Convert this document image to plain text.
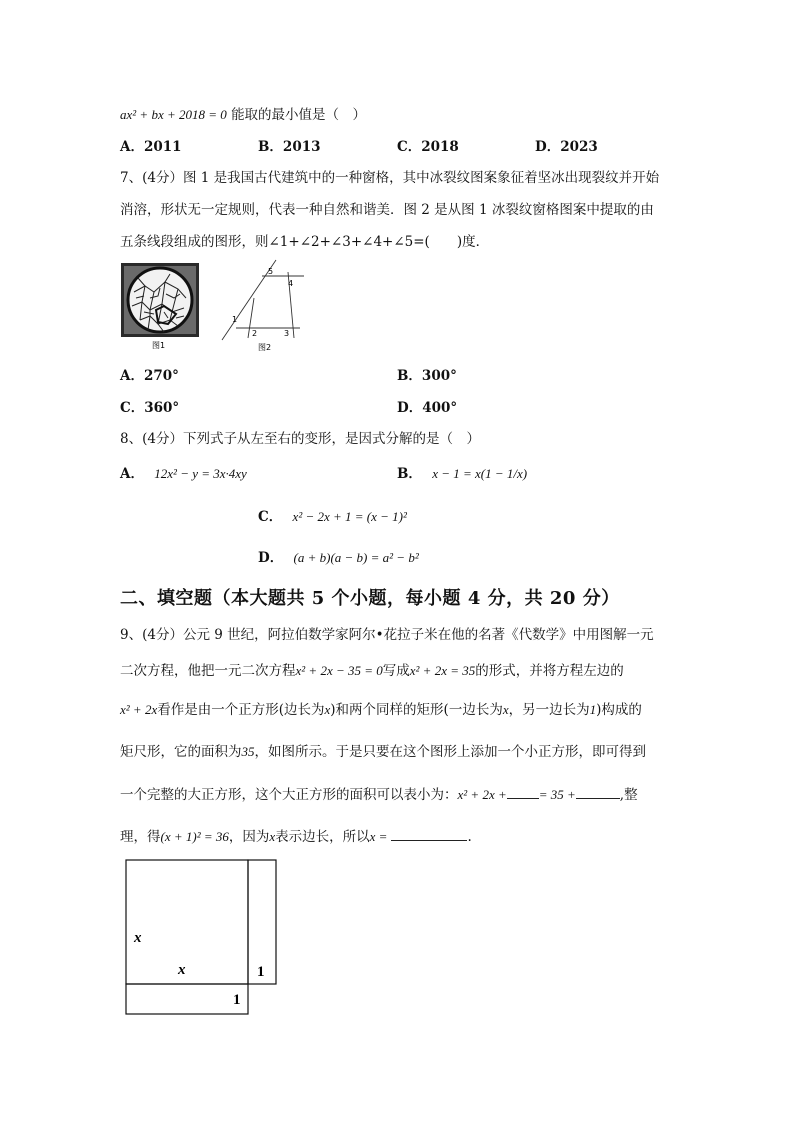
ax² + bx + 2018 = 0 能取的最小值是（　）
A．2011	B．2013	C．2018	D．2023
7、(4分）图 1 是我国古代建筑中的一种窗格，其中冰裂纹图案象征着坚冰出现裂纹并开始
消溶，形状无一定规则，代表一种自然和谐美．图 2 是从图 1 冰裂纹窗格图案中提取的由
五条线段组成的图形，则∠1+∠2+∠3+∠4+∠5=(　　)度．
图1
5
4
1
2	3
图2
A．270°	B．300°
C．360°	D．400°
8、(4分）下列式子从左至右的变形，是因式分解的是（　）
A． 12x² − y = 3x·4xy	B． x − 1 = x(1 − 1/x)
C． x² − 2x + 1 = (x − 1)²
D． (a + b)(a − b) = a² − b²
二、填空题（本大题共 5 个小题，每小题 4 分，共 20 分）
9、(4分）公元 9 世纪，阿拉伯数学家阿尔•花拉子米在他的名著《代数学》中用图解一元
二次方程，他把一元二次方程x² + 2x − 35 = 0写成x² + 2x = 35的形式，并将方程左边的
x² + 2x看作是由一个正方形(边长为x)和两个同样的矩形(一边长为x，另一边长为1)构成的
矩尺形，它的面积为35，如图所示。于是只要在这个图形上添加一个小正方形，即可得到
一个完整的大正方形，这个大正方形的面积可以表小为：x² + 2x + = 35 +	,整
理，得(x + 1)² = 36，因为x表示边长，所以x =	.
x
x	1
1
